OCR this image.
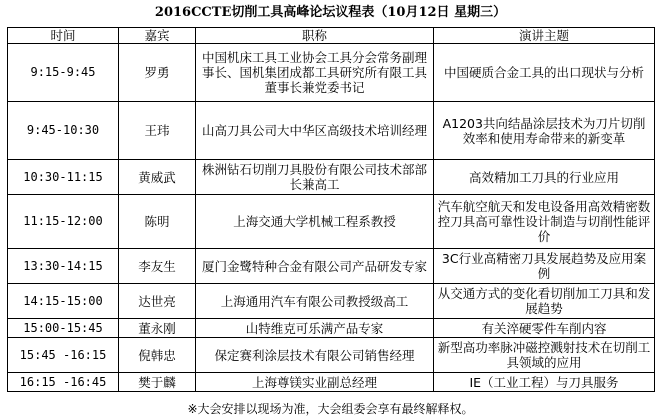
2016CCTE切削工具高峰论坛议程表（10月12日 星期三）
时间	嘉宾	职称	演讲主题
9:15-9:45	罗勇	中国机床工具工业协会工具分会常务副理事长、国机集团成都工具研究所有限工具董事长兼党委书记	中国硬质合金工具的出口现状与分析
9:45-10:30	王玮	山高刀具公司大中华区高级技术培训经理	A1203共向结晶涂层技术为刀片切削效率和使用寿命带来的新变革
10:30-11:15	黄威武	株洲钻石切削刀具股份有限公司技术部部长兼高工	高效精加工刀具的行业应用
11:15-12:00	陈明	上海交通大学机械工程系教授	汽车航空航天和发电设备用高效精密数控刀具高可靠性设计制造与切削性能评价
13:30-14:15	李友生	厦门金鹭特种合金有限公司产品研发专家	3C行业高精密刀具发展趋势及应用案例
14:15-15:00	达世亮	上海通用汽车有限公司教授级高工	从交通方式的变化看切削加工刀具和发展趋势
15:00-15:45	董永刚	山特维克可乐满产品专家	有关淬硬零件车削内容
15:45 -16:15	倪韩忠	保定赛利涂层技术有限公司销售经理	新型高功率脉冲磁控溅射技术在切削工具领域的应用
16:15 -16:45	樊于麟	上海尊镁实业副总经理	IE（工业工程）与刀具服务
※大会安排以现场为准，大会组委会享有最终解释权。
